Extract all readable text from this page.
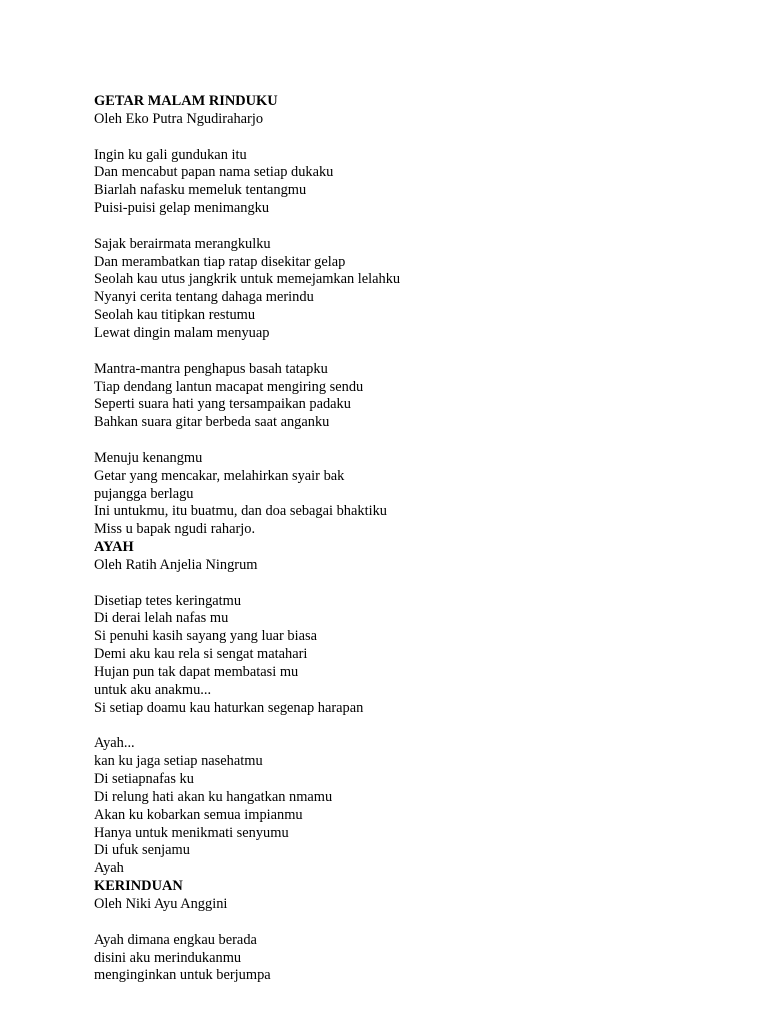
GETAR MALAM RINDUKU
Oleh Eko Putra Ngudiraharjo
Ingin ku gali gundukan itu
Dan mencabut papan nama setiap dukaku
Biarlah nafasku memeluk tentangmu
Puisi-puisi gelap menimangku
Sajak berairmata merangkulku
Dan merambatkan tiap ratap disekitar gelap
Seolah kau utus jangkrik untuk memejamkan lelahku
Nyanyi cerita tentang dahaga merindu
Seolah kau titipkan restumu
Lewat dingin malam menyuap
Mantra-mantra penghapus basah tatapku
Tiap dendang lantun macapat mengiring sendu
Seperti suara hati yang tersampaikan padaku
Bahkan suara gitar berbeda saat anganku
Menuju kenangmu
Getar yang mencakar, melahirkan syair bak
pujangga berlagu
Ini untukmu, itu buatmu, dan doa sebagai bhaktiku
Miss u bapak ngudi raharjo.
AYAH
Oleh Ratih Anjelia Ningrum
Disetiap tetes keringatmu
Di derai lelah nafas mu
Si penuhi kasih sayang yang luar biasa
Demi aku kau rela si sengat matahari
Hujan pun tak dapat membatasi mu
untuk aku anakmu...
Si setiap doamu kau haturkan segenap harapan
Ayah...
kan ku jaga setiap nasehatmu
Di setiapnafas ku
Di relung hati akan ku hangatkan nmamu
Akan ku kobarkan semua impianmu
Hanya untuk menikmati senyumu
Di ufuk senjamu
Ayah
KERINDUAN
Oleh Niki Ayu Anggini
Ayah dimana engkau berada
disini aku merindukanmu
menginginkan untuk berjumpa
